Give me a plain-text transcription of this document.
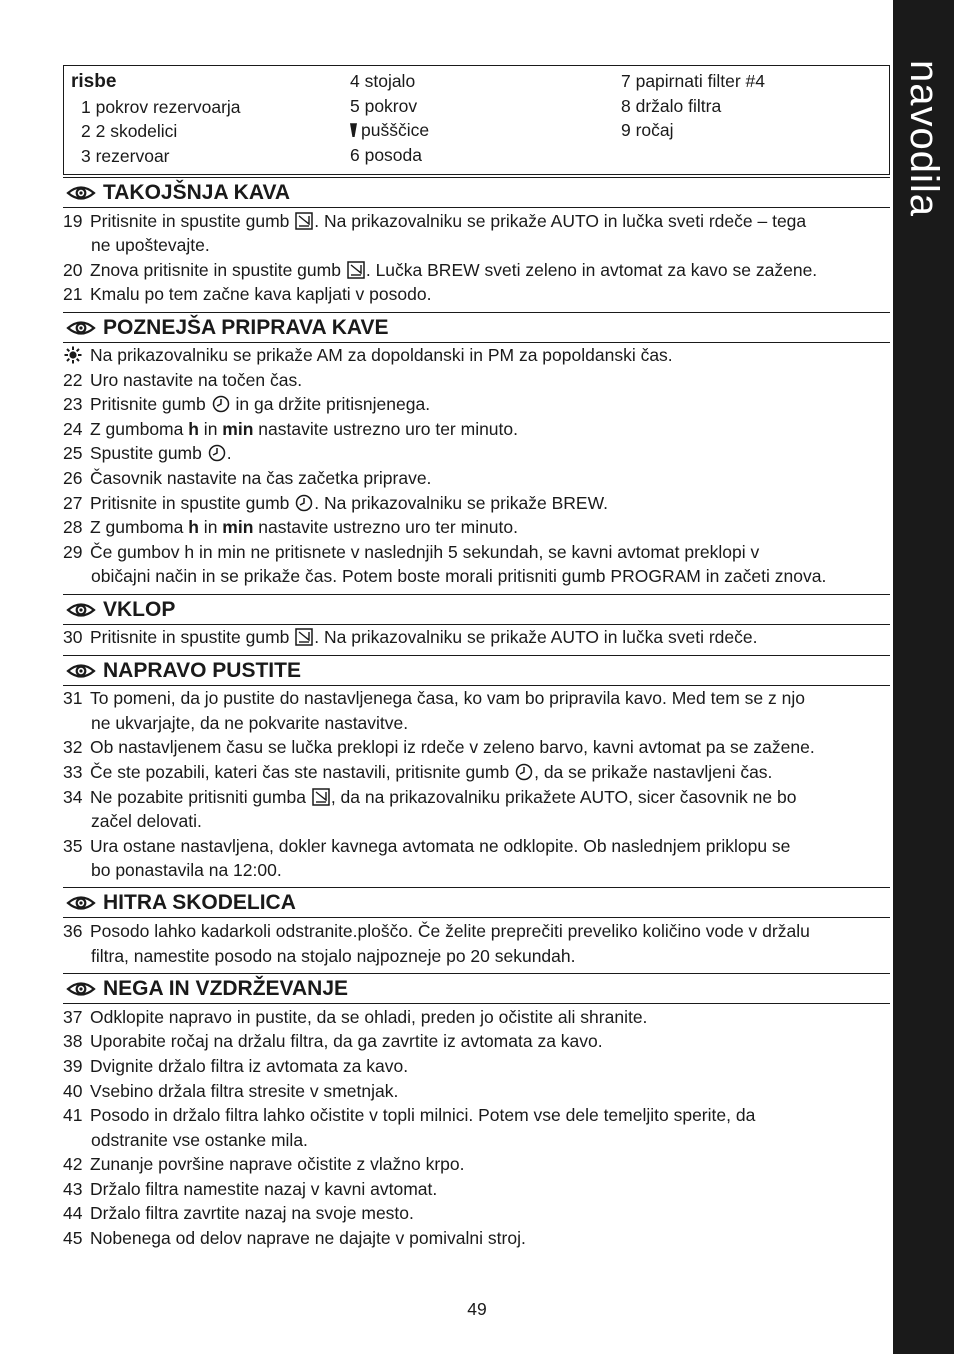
navodila
risbe
1 pokrov rezervoarja
2 2 skodelici
3 rezervoar
4 stojalo
5 pokrov
pušščice
6 posoda
7 papirnati filter #4
8 držalo filtra
9 ročaj
TAKOJŠNJA KAVA
19 Pritisnite in spustite gumb . Na prikazovalniku se prikaže AUTO in lučka sveti rdeče – tega
ne upoštevajte.
20 Znova pritisnite in spustite gumb . Lučka BREW sveti zeleno in avtomat za kavo se zažene.
21 Kmalu po tem začne kava kapljati v posodo.
POZNEJŠA PRIPRAVA KAVE
Na prikazovalniku se prikaže AM za dopoldanski in PM za popoldanski čas.
22 Uro nastavite na točen čas.
23 Pritisnite gumb in ga držite pritisnjenega.
24 Z gumboma h in min nastavite ustrezno uro ter minuto.
25 Spustite gumb .
26 Časovnik nastavite na čas začetka priprave.
27 Pritisnite in spustite gumb . Na prikazovalniku se prikaže BREW.
28 Z gumboma h in min nastavite ustrezno uro ter minuto.
29 Če gumbov h in min ne pritisnete v naslednjih 5 sekundah, se kavni avtomat preklopi v
običajni način in se prikaže čas. Potem boste morali pritisniti gumb PROGRAM in začeti znova.
VKLOP
30 Pritisnite in spustite gumb . Na prikazovalniku se prikaže AUTO in lučka sveti rdeče.
NAPRAVO PUSTITE
31 To pomeni, da jo pustite do nastavljenega časa, ko vam bo pripravila kavo. Med tem se z njo
ne ukvarjajte, da ne pokvarite nastavitve.
32 Ob nastavljenem času se lučka preklopi iz rdeče v zeleno barvo, kavni avtomat pa se zažene.
33 Če ste pozabili, kateri čas ste nastavili, pritisnite gumb , da se prikaže nastavljeni čas.
34 Ne pozabite pritisniti gumba , da na prikazovalniku prikažete AUTO, sicer časovnik ne bo
začel delovati.
35 Ura ostane nastavljena, dokler kavnega avtomata ne odklopite. Ob naslednjem priklopu se
bo ponastavila na 12:00.
HITRA SKODELICA
36 Posodo lahko kadarkoli odstranite.ploščo. Če želite preprečiti preveliko količino vode v držalu
filtra, namestite posodo na stojalo najpozneje po 20 sekundah.
NEGA IN VZDRŽEVANJE
37 Odklopite napravo in pustite, da se ohladi, preden jo očistite ali shranite.
38 Uporabite ročaj na držalu filtra, da ga zavrtite iz avtomata za kavo.
39 Dvignite držalo filtra iz avtomata za kavo.
40 Vsebino držala filtra stresite v smetnjak.
41 Posodo in držalo filtra lahko očistite v topli milnici. Potem vse dele temeljito sperite, da
odstranite vse ostanke mila.
42 Zunanje površine naprave očistite z vlažno krpo.
43 Držalo filtra namestite nazaj v kavni avtomat.
44 Držalo filtra zavrtite nazaj na svoje mesto.
45 Nobenega od delov naprave ne dajajte v pomivalni stroj.
49
